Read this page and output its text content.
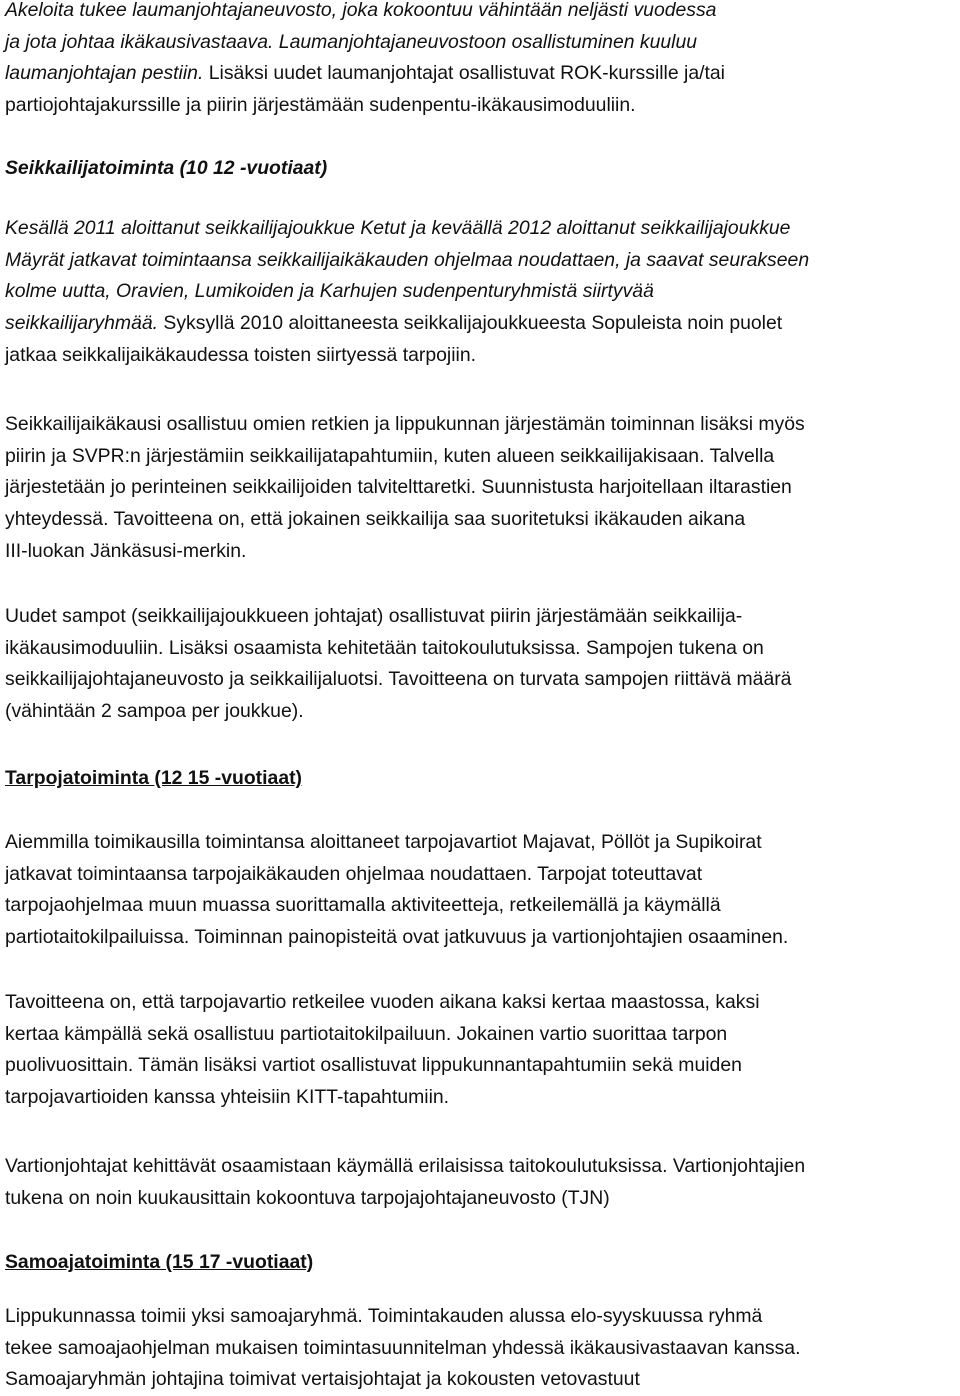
Akeloita tukee laumanjohtajaneuvosto, joka kokoontuu vähintään neljästi vuodessa
ja jota johtaa ikäkausivastaava. Laumanjohtajaneuvostoon osallistuminen kuuluu
laumanjohtajan pestiin. Lisäksi uudet laumanjohtajat osallistuvat ROK-kurssille ja/tai
partiojohtajakurssille ja piirin järjestämään sudenpentu-ikäkausimoduuliin.

Seikkailijatoiminta (10 12 -vuotiaat)

Kesällä 2011 aloittanut seikkailijajoukkue Ketut ja keväällä 2012 aloittanut seikkailijajoukkue
Mäyrät jatkavat toimintaansa seikkailijaikäkauden ohjelmaa noudattaen, ja saavat seurakseen
kolme uutta, Oravien, Lumikoiden ja Karhujen sudenpenturyhmistä siirtyvää
seikkailijaryhmää. Syksyllä 2010 aloittaneesta seikkalijajoukkueesta Sopuleista noin puolet
jatkaa seikkalijaikäkaudessa toisten siirtyessä tarpojiin.

Seikkailijaikäkausi osallistuu omien retkien ja lippukunnan järjestämän toiminnan lisäksi myös
piirin ja SVPR:n järjestämiin seikkailijatapahtumiin, kuten alueen seikkailijakisaan. Talvella
järjestetään jo perinteinen seikkailijoiden talvitelttaretki. Suunnistusta harjoitellaan iltarastien
yhteydessä. Tavoitteena on, että jokainen seikkailija saa suoritetuksi ikäkauden aikana
III-luokan Jänkäsusi-merkin.

Uudet sampot (seikkailijajoukkueen johtajat) osallistuvat piirin järjestämään seikkailija-
ikäkausimoduuliin. Lisäksi osaamista kehitetään taitokoulutuksissa. Sampojen tukena on
seikkailijajohtajaneuvosto ja seikkailijaluotsi. Tavoitteena on turvata sampojen riittävä määrä
(vähintään 2 sampoa per joukkue).

Tarpojatoiminta (12 15 -vuotiaat)

Aiemmilla toimikausilla toimintansa aloittaneet tarpojavartiot Majavat, Pöllöt ja Supikoirat
jatkavat toimintaansa tarpojaikäkauden ohjelmaa noudattaen. Tarpojat toteuttavat
tarpojaohjelmaa muun muassa suorittamalla aktiviteetteja, retkeilemällä ja käymällä
partiotaitokilpailuissa. Toiminnan painopisteitä ovat jatkuvuus ja vartionjohtajien osaaminen.

Tavoitteena on, että tarpojavartio retkeilee vuoden aikana kaksi kertaa maastossa, kaksi
kertaa kämpällä sekä osallistuu partiotaitokilpailuun. Jokainen vartio suorittaa tarpon
puolivuosittain. Tämän lisäksi vartiot osallistuvat lippukunnantapahtumiin sekä muiden
tarpojavartioiden kanssa yhteisiin KITT-tapahtumiin.

Vartionjohtajat kehittävät osaamistaan käymällä erilaisissa taitokoulutuksissa. Vartionjohtajien
tukena on noin kuukausittain kokoontuva tarpojajohtajaneuvosto (TJN)

Samoajatoiminta (15 17 -vuotiaat)

Lippukunnassa toimii yksi samoajaryhmä. Toimintakauden alussa elo-syyskuussa ryhmä
tekee samoajaohjelman mukaisen toimintasuunnitelman yhdessä ikäkausivastaavan kanssa.
Samoajaryhmän johtajina toimivat vertaisjohtajat ja kokousten vetovastuut
